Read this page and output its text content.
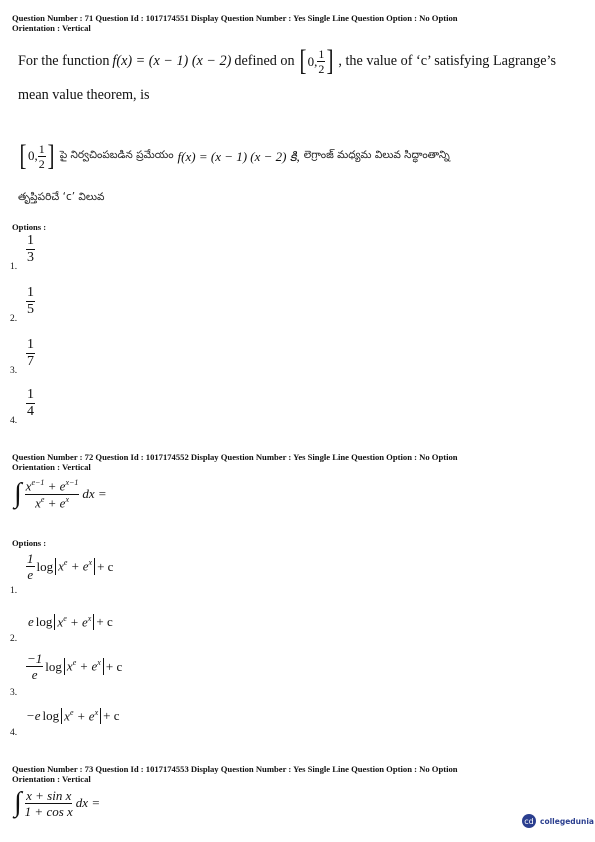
Question Number : 71 Question Id : 1017174551 Display Question Number : Yes Single Line Question Option : No Option
Orientation : Vertical
For the function f(x) = (x − 1) (x − 2) defined on [ 0, $\frac{1}{2}$ ] , the value of ‘c’ satisfying Lagrange’s
mean value theorem, is
[ 0, $\frac{1}{2}$ ] పై నిర్వచింపబడిన ప్రమేయం f(x) = (x − 1) (x − 2) కి, లెగ్రాంజ్ మధ్యమ విలువ సిద్ధాంతాన్ని
తృప్తిపరిచే ‘c’ విలువ
Options :
1.
$\frac{1}{3}$
2.
$\frac{1}{5}$
3.
$\frac{1}{7}$
4.
$\frac{1}{4}$
Question Number : 72 Question Id : 1017174552 Display Question Number : Yes Single Line Question Option : No Option
Orientation : Vertical
∫ $\frac{x^{e-1} + e^{x-1}}{x^e + e^x}$ dx =
Options :
1.
$\frac{1}{e}$ $\log x^e + e^x + c$
2.
e $\log x^e + e^x + c$
3.
$\frac{-1}{e}$ $\log x^e + e^x + c$
4.
−e $\log x^e + e^x + c$
Question Number : 73 Question Id : 1017174553 Display Question Number : Yes Single Line Question Option : No Option
Orientation : Vertical
∫ $\frac{\text{x + sin x}}{\text{1 + cos x}}$ dx =
cd collegedunia
